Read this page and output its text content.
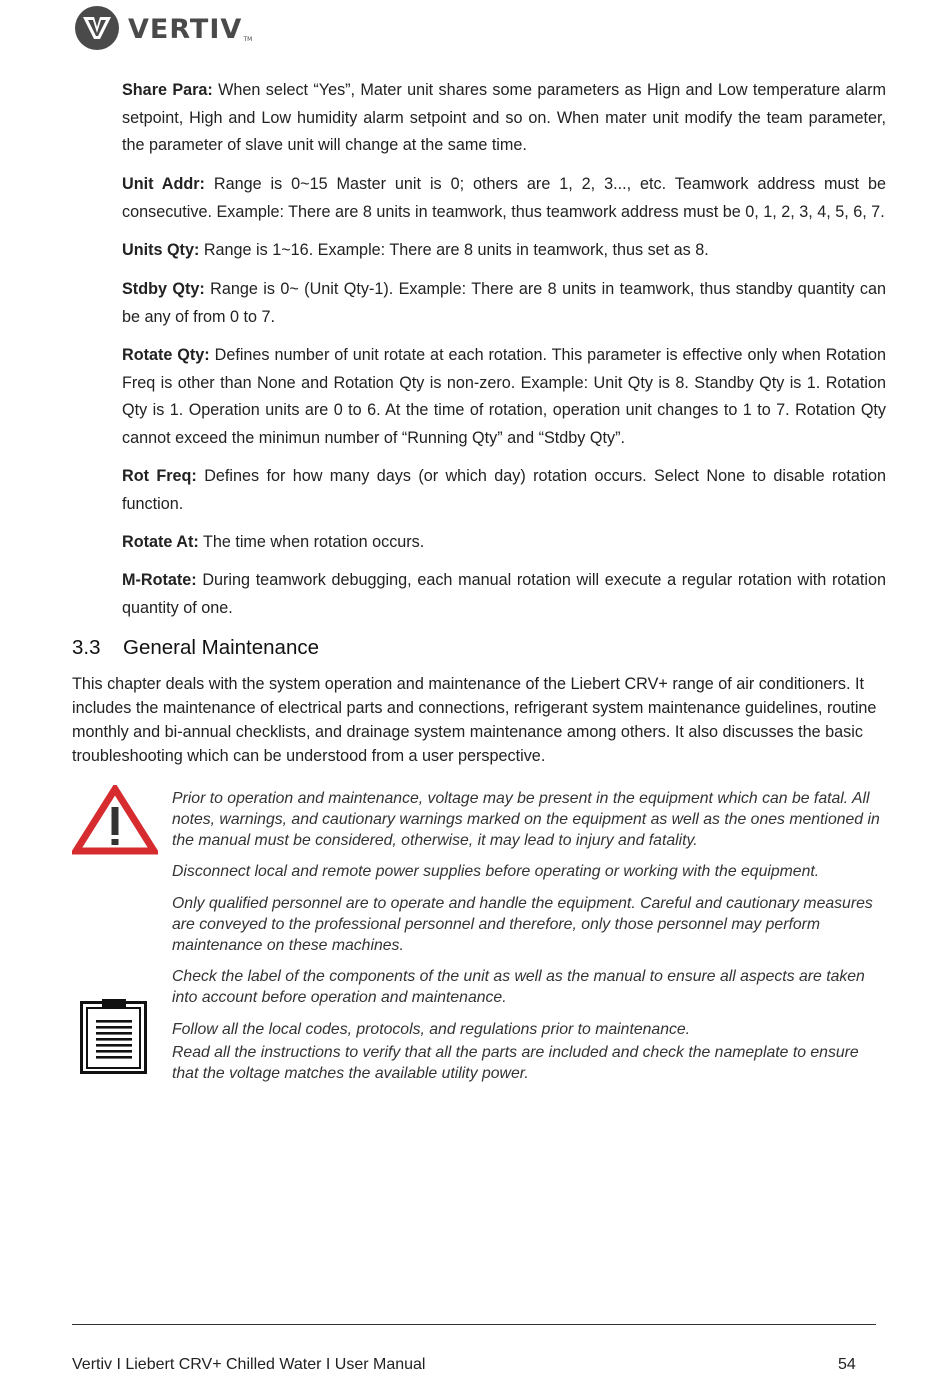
VERTIV TM

Share Para: When select “Yes”, Mater unit shares some parameters as Hign and Low temperature alarm setpoint, High and Low humidity alarm setpoint and so on. When mater unit modify the team parameter, the parameter of slave unit will change at the same time.

Unit Addr: Range is 0~15 Master unit is 0; others are 1, 2, 3..., etc. Teamwork address must be consecutive. Example: There are 8 units in teamwork, thus teamwork address must be 0, 1, 2, 3, 4, 5, 6, 7.

Units Qty: Range is 1~16. Example: There are 8 units in teamwork, thus set as 8.

Stdby Qty: Range is 0~ (Unit Qty-1). Example: There are 8 units in teamwork, thus standby quantity can be any of from 0 to 7.

Rotate Qty: Defines number of unit rotate at each rotation. This parameter is effective only when Rotation Freq is other than None and Rotation Qty is non-zero. Example: Unit Qty is 8. Standby Qty is 1. Rotation Qty is 1. Operation units are 0 to 6. At the time of rotation, operation unit changes to 1 to 7. Rotation Qty cannot exceed the minimun number of “Running Qty” and “Stdby Qty”.

Rot Freq: Defines for how many days (or which day) rotation occurs. Select None to disable rotation function.

Rotate At: The time when rotation occurs.

M-Rotate: During teamwork debugging, each manual rotation will execute a regular rotation with rotation quantity of one.

3.3 General Maintenance

This chapter deals with the system operation and maintenance of the Liebert CRV+ range of air conditioners. It includes the maintenance of electrical parts and connections, refrigerant system maintenance guidelines, routine monthly and bi-annual checklists, and drainage system maintenance among others. It also discusses the basic troubleshooting which can be understood from a user perspective.

Prior to operation and maintenance, voltage may be present in the equipment which can be fatal. All notes, warnings, and cautionary warnings marked on the equipment as well as the ones mentioned in the manual must be considered, otherwise, it may lead to injury and fatality.

Disconnect local and remote power supplies before operating or working with the equipment.

Only qualified personnel are to operate and handle the equipment. Careful and cautionary measures are conveyed to the professional personnel and therefore, only those personnel may perform maintenance on these machines.

Check the label of the components of the unit as well as the manual to ensure all aspects are taken into account before operation and maintenance.

Follow all the local codes, protocols, and regulations prior to maintenance.

Read all the instructions to verify that all the parts are included and check the nameplate to ensure that the voltage matches the available utility power.

Vertiv I Liebert CRV+ Chilled Water I User Manual	54
